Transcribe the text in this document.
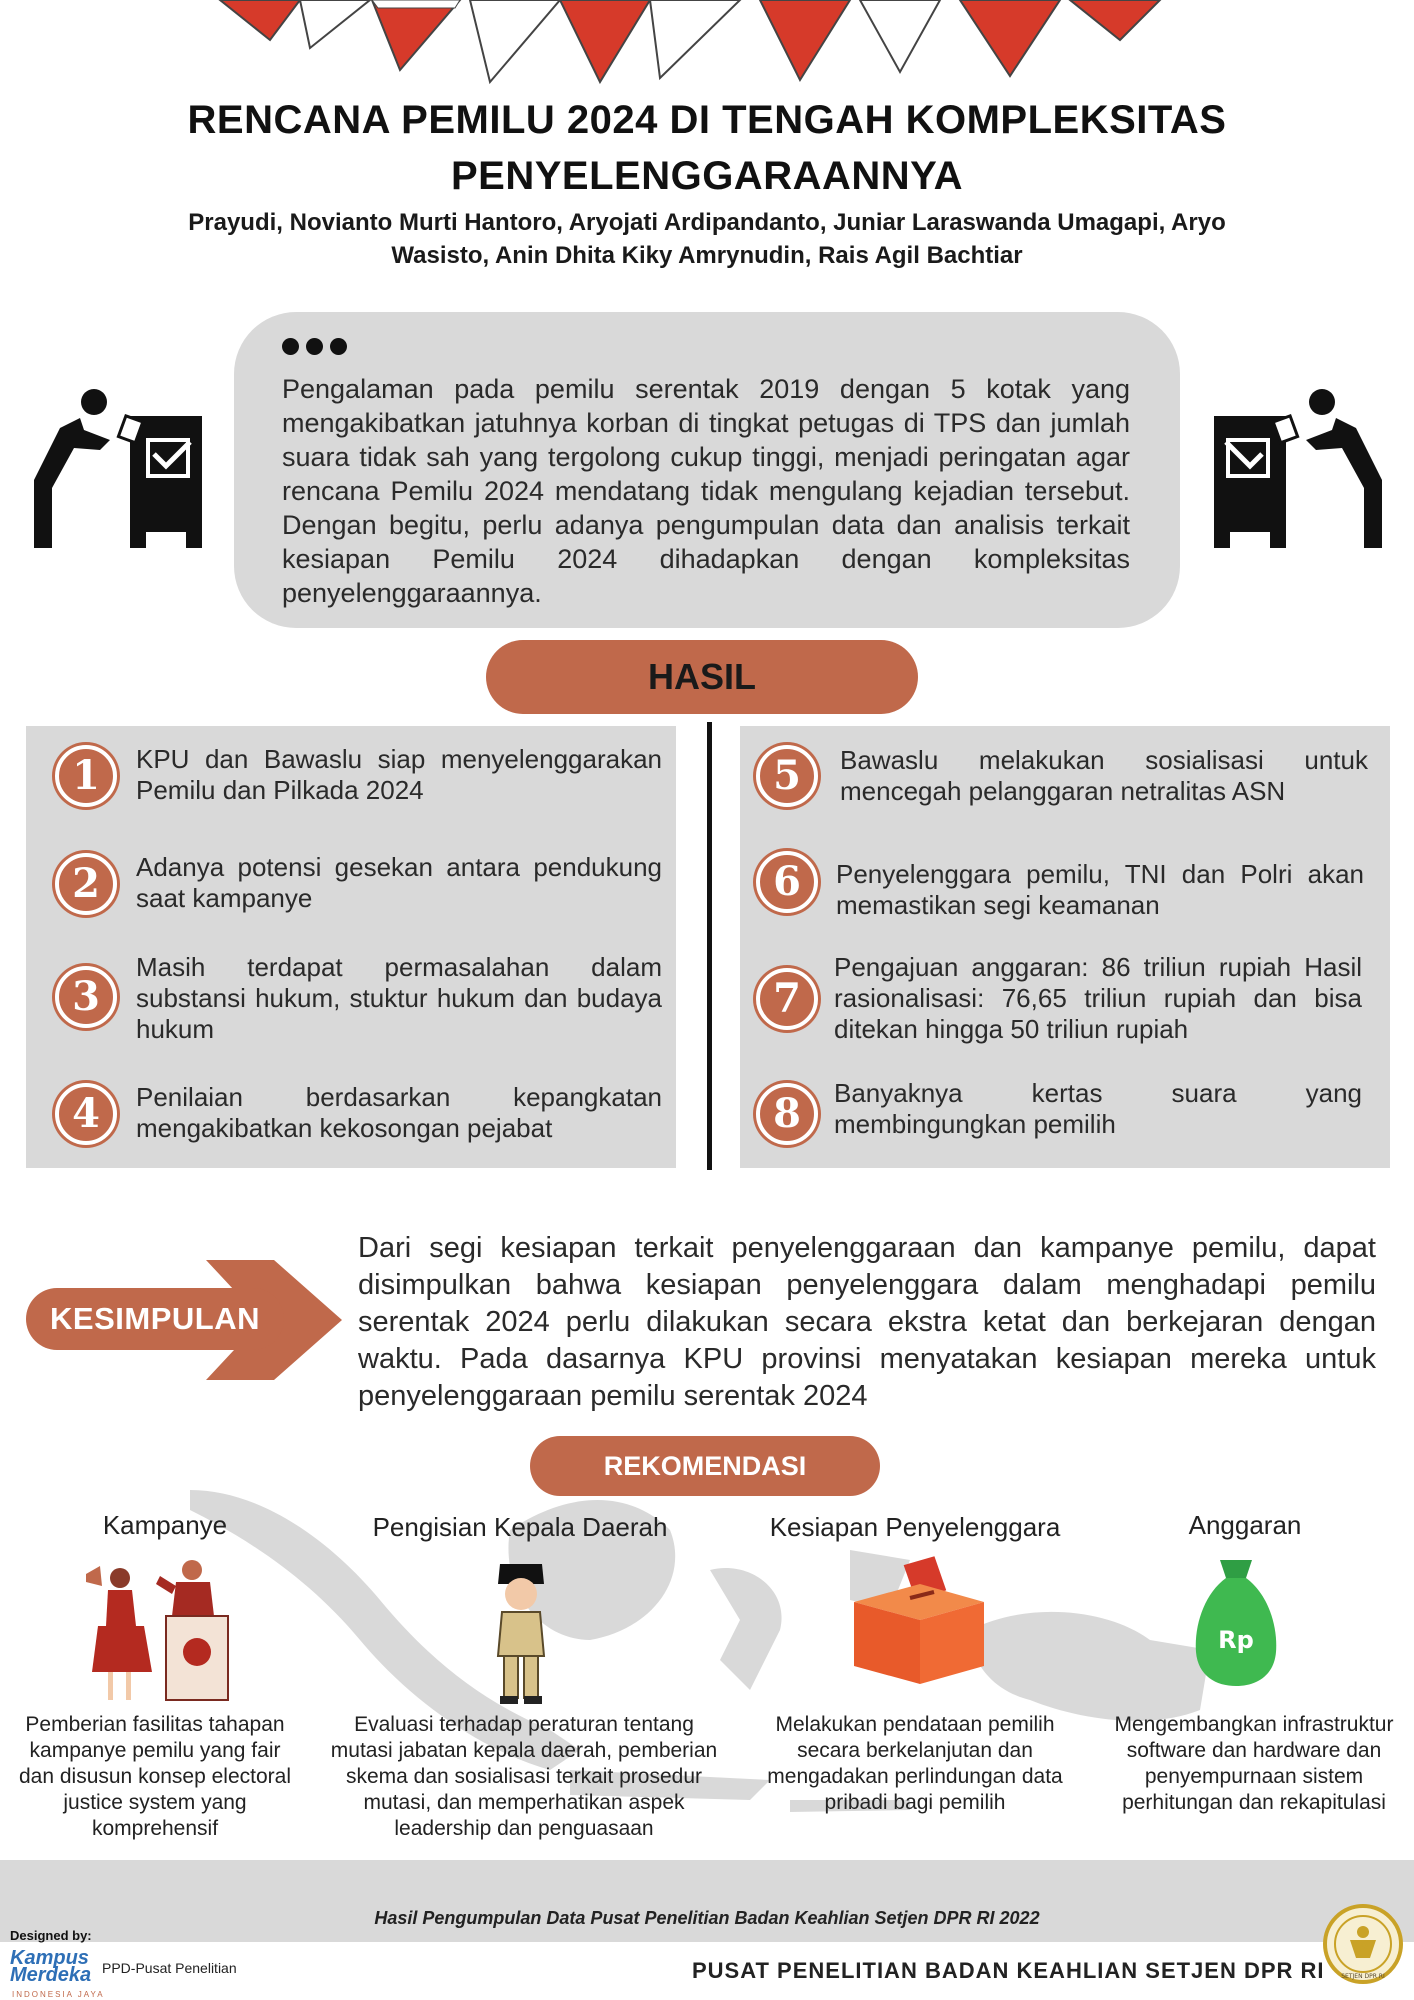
RENCANA PEMILU 2024 DI TENGAH KOMPLEKSITAS PENYELENGGARAANNYA
Prayudi, Novianto Murti Hantoro, Aryojati Ardipandanto, Juniar Laraswanda Umagapi, Aryo Wasisto, Anin Dhita Kiky Amrynudin, Rais Agil Bachtiar
Pengalaman pada pemilu serentak 2019 dengan 5 kotak yang mengakibatkan jatuhnya korban di tingkat petugas di TPS dan jumlah suara tidak sah yang tergolong cukup tinggi, menjadi peringatan agar rencana Pemilu 2024 mendatang tidak mengulang kejadian tersebut. Dengan begitu, perlu adanya pengumpulan data dan analisis terkait kesiapan Pemilu 2024 dihadapkan dengan kompleksitas penyelenggaraannya.
HASIL
1	KPU dan Bawaslu siap menyelenggarakan Pemilu dan Pilkada 2024
2	Adanya potensi gesekan antara pendukung saat kampanye
3
Masih terdapat permasalahan dalam substansi hukum, stuktur hukum dan budaya hukum
4	Penilaian berdasarkan kepangkatan mengakibatkan kekosongan pejabat
5	Bawaslu melakukan sosialisasi untuk mencegah pelanggaran netralitas ASN
6	Penyelenggara pemilu, TNI dan Polri akan memastikan segi keamanan
7
Pengajuan anggaran: 86 triliun rupiah Hasil rasionalisasi: 76,65 triliun rupiah dan bisa ditekan hingga 50 triliun rupiah
8	Banyaknya kertas suara yang membingungkan pemilih
KESIMPULAN
Dari segi kesiapan terkait penyelenggaraan dan kampanye pemilu, dapat disimpulkan bahwa kesiapan penyelenggara dalam menghadapi pemilu serentak 2024 perlu dilakukan secara ekstra ketat dan berkejaran dengan waktu. Pada dasarnya KPU provinsi menyatakan kesiapan mereka untuk penyelenggaraan pemilu serentak 2024
REKOMENDASI
Kampanye	Pengisian Kepala Daerah	Kesiapan Penyelenggara	Anggaran
Rp
Pemberian fasilitas tahapan kampanye pemilu yang fair dan disusun konsep electoral justice system yang komprehensif
Evaluasi terhadap peraturan tentang mutasi jabatan kepala daerah, pemberian skema dan sosialisasi terkait prosedur mutasi, dan memperhatikan aspek leadership dan penguasaan
Melakukan pendataan pemilih secara berkelanjutan dan mengadakan perlindungan data pribadi bagi pemilih
Mengembangkan infrastruktur software dan hardware dan penyempurnaan sistem perhitungan dan rekapitulasi
Hasil Pengumpulan Data Pusat Penelitian Badan Keahlian Setjen DPR RI 2022
PUSAT PENELITIAN BADAN KEAHLIAN SETJEN DPR RI
Designed by:
Kampus
Merdeka
INDONESIA JAYA
PPD-Pusat Penelitian
SETJEN DPR RI
